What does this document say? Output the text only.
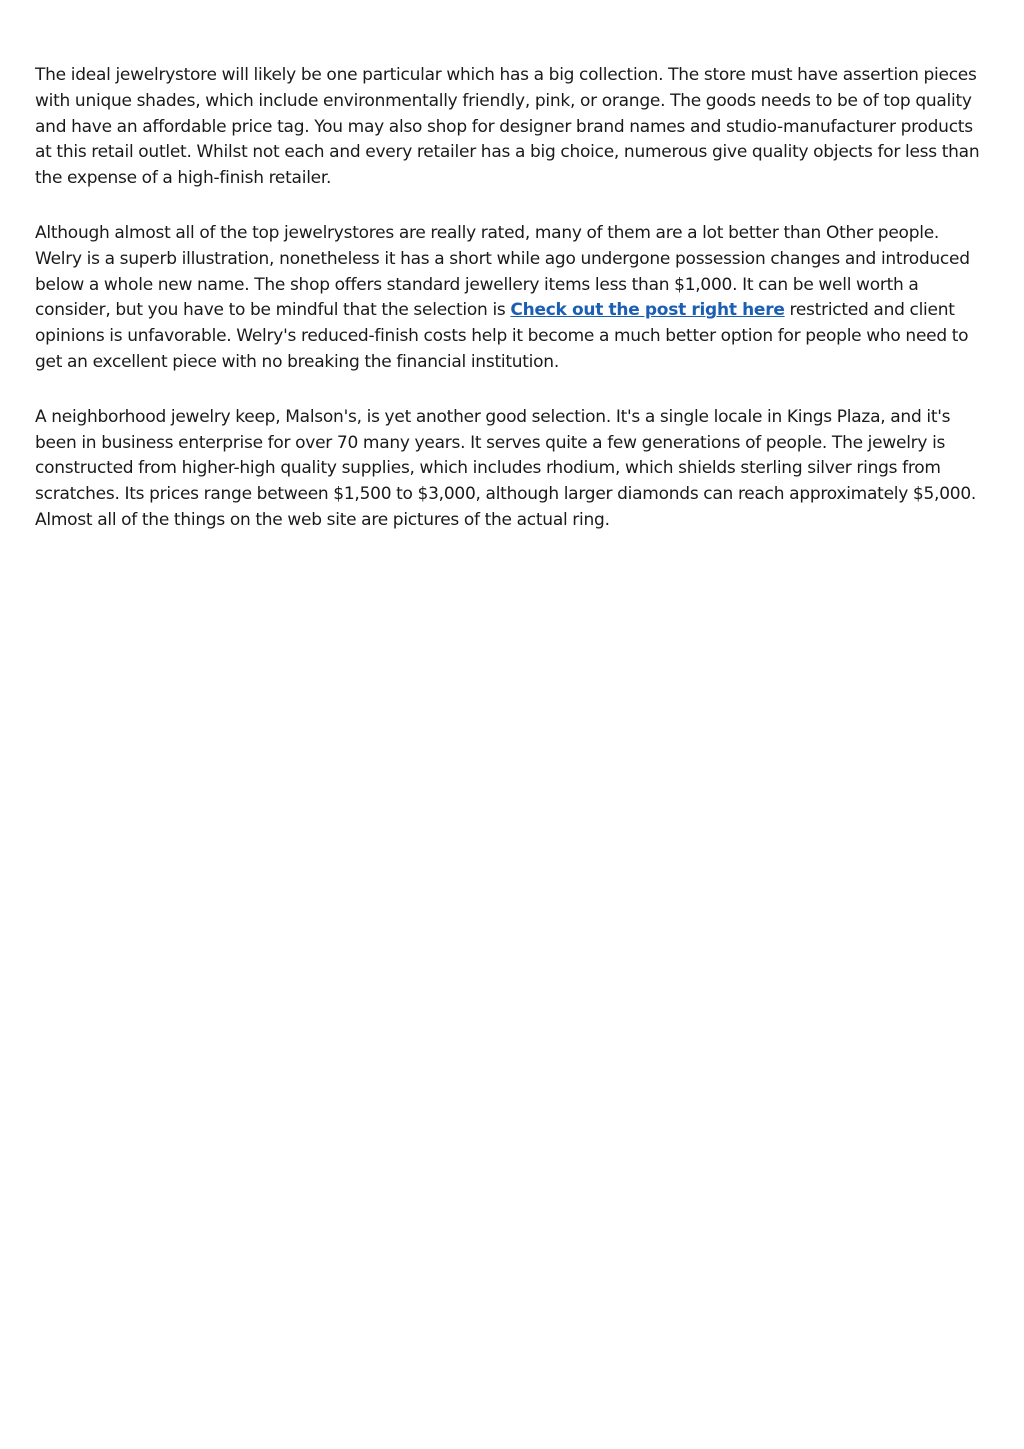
The ideal jewelrystore will likely be one particular which has a big collection. The store must have assertion pieces with unique shades, which include environmentally friendly, pink, or orange. The goods needs to be of top quality and have an affordable price tag. You may also shop for designer brand names and studio-manufacturer products at this retail outlet. Whilst not each and every retailer has a big choice, numerous give quality objects for less than the expense of a high-finish retailer.

Although almost all of the top jewelrystores are really rated, many of them are a lot better than Other people. Welry is a superb illustration, nonetheless it has a short while ago undergone possession changes and introduced below a whole new name. The shop offers standard jewellery items less than $1,000. It can be well worth a consider, but you have to be mindful that the selection is Check out the post right here restricted and client opinions is unfavorable. Welry's reduced-finish costs help it become a much better option for people who need to get an excellent piece with no breaking the financial institution.

A neighborhood jewelry keep, Malson's, is yet another good selection. It's a single locale in Kings Plaza, and it's been in business enterprise for over 70 many years. It serves quite a few generations of people. The jewelry is constructed from higher-high quality supplies, which includes rhodium, which shields sterling silver rings from scratches. Its prices range between $1,500 to $3,000, although larger diamonds can reach approximately $5,000. Almost all of the things on the web site are pictures of the actual ring.
